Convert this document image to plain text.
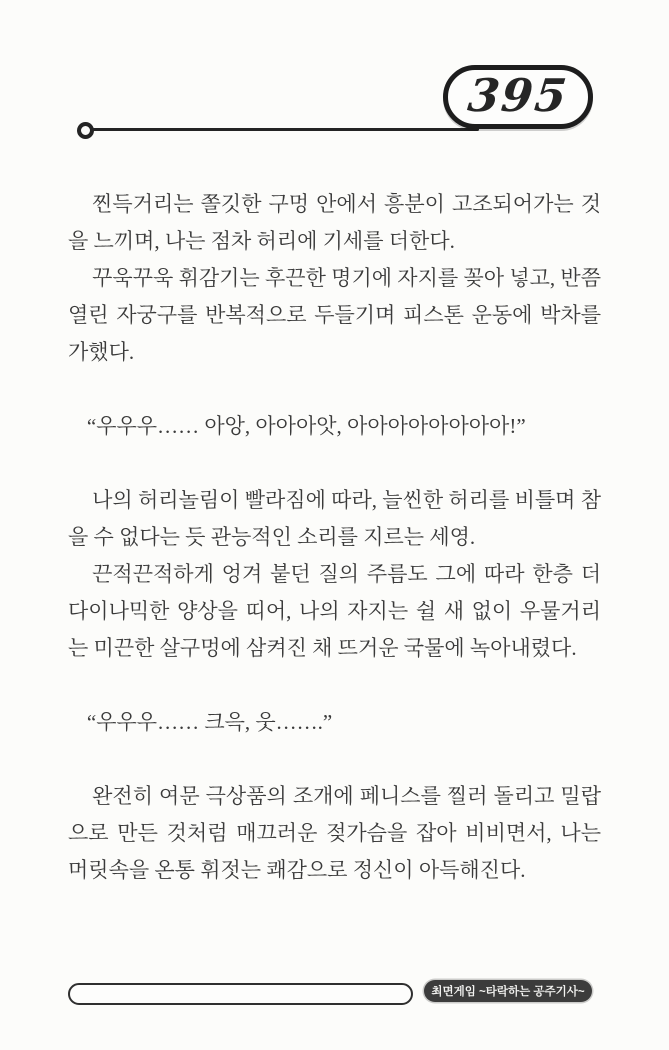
395

찐득거리는 쫄깃한 구멍 안에서 흥분이 고조되어가는 것을 느끼며, 나는 점차 허리에 기세를 더한다.

꾸욱꾸욱 휘감기는 후끈한 명기에 자지를 꽂아 넣고, 반쯤 열린 자궁구를 반복적으로 두들기며 피스톤 운동에 박차를 가했다.

“우우우…… 아앙, 아아아앗, 아아아아아아아아!”

나의 허리놀림이 빨라짐에 따라, 늘씬한 허리를 비틀며 참을 수 없다는 듯 관능적인 소리를 지르는 세영.

끈적끈적하게 엉겨 붙던 질의 주름도 그에 따라 한층 더 다이나믹한 양상을 띠어, 나의 자지는 쉴 새 없이 우물거리는 미끈한 살구멍에 삼켜진 채 뜨거운 국물에 녹아내렸다.

“우우우…… 크윽, 웃…….”

완전히 여문 극상품의 조개에 페니스를 찔러 돌리고 밀랍으로 만든 것처럼 매끄러운 젖가슴을 잡아 비비면서, 나는 머릿속을 온통 휘젓는 쾌감으로 정신이 아득해진다.

최면게임 ~타락하는 공주기사~
